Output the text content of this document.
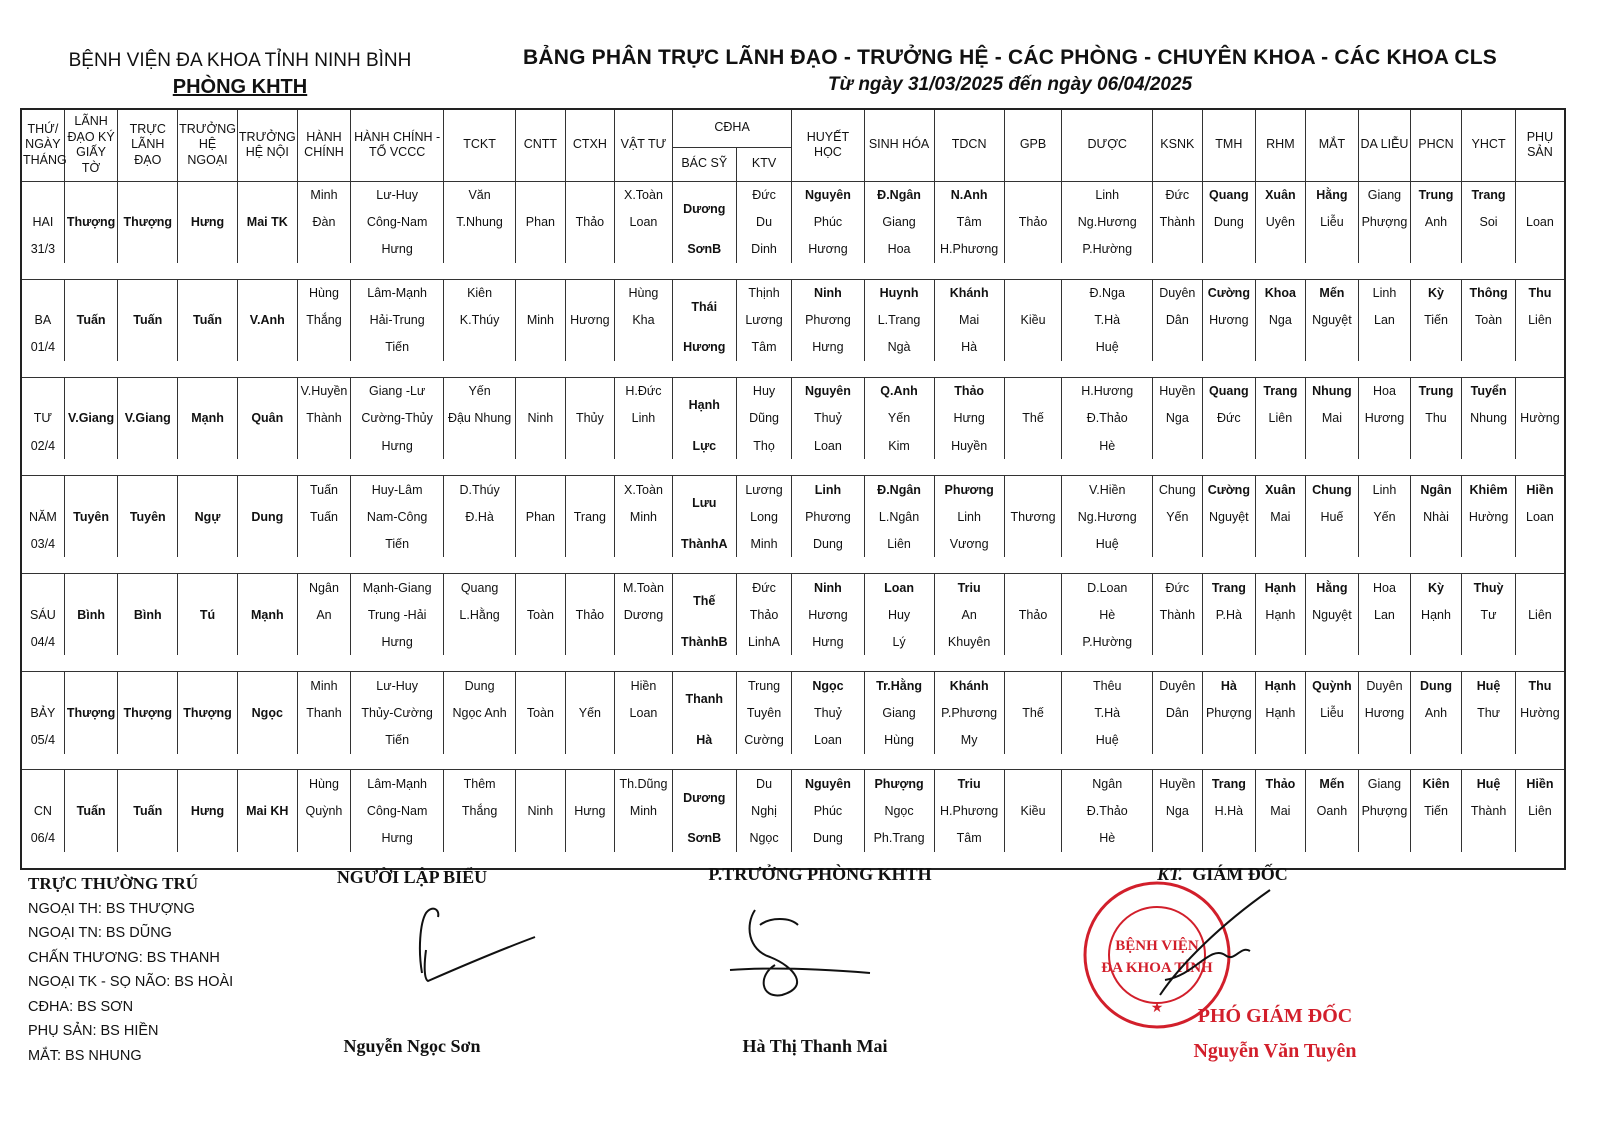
BỆNH VIỆN ĐA KHOA TỈNH NINH BÌNH
PHÒNG KHTH
BẢNG PHÂN TRỰC LÃNH ĐẠO - TRƯỞNG HỆ - CÁC PHÒNG - CHUYÊN KHOA - CÁC KHOA CLS
Từ ngày 31/03/2025 đến ngày 06/04/2025
THỨ/ NGÀY THÁNG	LÃNH ĐẠO KÝ GIẤY TỜ	TRỰC LÃNH ĐẠO	TRƯỞNG HỆ NGOẠI	TRƯỞNG HỆ NỘI	HÀNH CHÍNH	HÀNH CHÍNH - TỔ VCCC	TCKT	CNTT	CTXH	VẬT TƯ	CĐHA		HUYẾT HỌC	SINH HÓA	TDCN	GPB	DƯỢC	KSNK	TMH	RHM	MẮT	DA LIỄU	PHCN	YHCT	PHỤ SẢN
											BÁC SỸ	KTV													
					Minh	Lư-Huy	Văn			X.Toàn	Dương	Đức	Nguyên	Đ.Ngân	N.Anh		Linh	Đức	Quang	Xuân	Hằng	Giang	Trung	Trang	
HAI	Thượng	Thượng	Hưng	Mai TK	Đàn	Công-Nam	T.Nhung	Phan	Thảo	Loan		Du	Phúc	Giang	Tâm	Thảo	Ng.Hương	Thành	Dung	Uyên	Liễu	Phượng	Anh	Soi	Loan
31/3						Hưng					SơnB	Dinh	Hương	Hoa	H.Phương		P.Hường								

					Hùng	Lâm-Mạnh	Kiên			Hùng	Thái	Thịnh	Ninh	Huynh	Khánh		Đ.Nga	Duyên	Cường	Khoa	Mến	Linh	Kỳ	Thông	Thu
BA	Tuấn	Tuấn	Tuấn	V.Anh	Thắng	Hải-Trung	K.Thúy	Minh	Hương	Kha		Lương	Phương	L.Trang	Mai	Kiều	T.Hà	Dân	Hương	Nga	Nguyệt	Lan	Tiến	Toàn	Liên
01/4						Tiến					Hương	Tâm	Hưng	Ngà	Hà		Huệ								

					V.Huyền	Giang -Lư	Yến			H.Đức	Hạnh	Huy	Nguyên	Q.Anh	Thảo		H.Hương	Huyền	Quang	Trang	Nhung	Hoa	Trung	Tuyển	
TƯ	V.Giang	V.Giang	Mạnh	Quân	Thành	Cường-Thủy	Đậu Nhung	Ninh	Thủy	Linh		Dũng	Thuỷ	Yến	Hưng	Thế	Đ.Thảo	Nga	Đức	Liên	Mai	Hương	Thu	Nhung	Hường
02/4						Hưng					Lực	Thọ	Loan	Kim	Huyền		Hè								

					Tuấn	Huy-Lâm	D.Thúy			X.Toàn	Lưu	Lương	Linh	Đ.Ngân	Phương		V.Hiền	Chung	Cường	Xuân	Chung	Linh	Ngân	Khiêm	Hiền
NĂM	Tuyên	Tuyên	Ngự	Dung	Tuấn	Nam-Công	Đ.Hà	Phan	Trang	Minh		Long	Phương	L.Ngân	Linh	Thương	Ng.Hương	Yến	Nguyệt	Mai	Huế	Yến	Nhài	Hường	Loan
03/4						Tiến					ThànhA	Minh	Dung	Liên	Vương		Huệ								

					Ngân	Mạnh-Giang	Quang			M.Toàn	Thế	Đức	Ninh	Loan	Triu		D.Loan	Đức	Trang	Hạnh	Hằng	Hoa	Kỳ	Thuỳ	
SÁU	Bình	Bình	Tú	Mạnh	An	Trung -Hải	L.Hằng	Toàn	Thảo	Dương		Thảo	Hương	Huy	An	Thảo	Hè	Thành	P.Hà	Hạnh	Nguyệt	Lan	Hạnh	Tư	Liên
04/4						Hưng					ThànhB	LinhA	Hưng	Lý	Khuyên		P.Hường								

					Minh	Lư-Huy	Dung			Hiền	Thanh	Trung	Ngọc	Tr.Hằng	Khánh		Thêu	Duyên	Hà	Hạnh	Quỳnh	Duyên	Dung	Huệ	Thu
BẢY	Thượng	Thượng	Thượng	Ngọc	Thanh	Thủy-Cường	Ngọc Anh	Toàn	Yến	Loan		Tuyên	Thuỷ	Giang	P.Phương	Thế	T.Hà	Dân	Phượng	Hạnh	Liễu	Hương	Anh	Thư	Hường
05/4						Tiến					Hà	Cường	Loan	Hùng	My		Huệ								

					Hùng	Lâm-Mạnh	Thêm			Th.Dũng	Dương	Du	Nguyên	Phượng	Triu		Ngân	Huyền	Trang	Thảo	Mến	Giang	Kiên	Huệ	Hiền
CN	Tuấn	Tuấn	Hưng	Mai KH	Quỳnh	Công-Nam	Thắng	Ninh	Hưng	Minh		Nghị	Phúc	Ngọc	H.Phương	Kiều	Đ.Thảo	Nga	H.Hà	Mai	Oanh	Phượng	Tiến	Thành	Liên
06/4						Hưng					SơnB	Ngọc	Dung	Ph.Trang	Tâm		Hè								

TRỰC THƯỜNG TRÚ
NGOẠI TH: BS THƯỢNG
NGOẠI TN: BS DŨNG
CHẤN THƯƠNG: BS THANH
NGOẠI TK - SỌ NÃO: BS HOÀI
CĐHA: BS SƠN
PHỤ SẢN: BS HIỀN
MẮT: BS NHUNG
NGƯỜI LẬP BIỂU
Nguyễn Ngọc Sơn
P.TRƯỞNG PHÒNG KHTH
Hà Thị Thanh Mai
KT. GIÁM ĐỐC
BỆNH VIỆN
ĐA KHOA TỈNH
★	PHÓ GIÁM ĐỐC
Nguyễn Văn Tuyên
